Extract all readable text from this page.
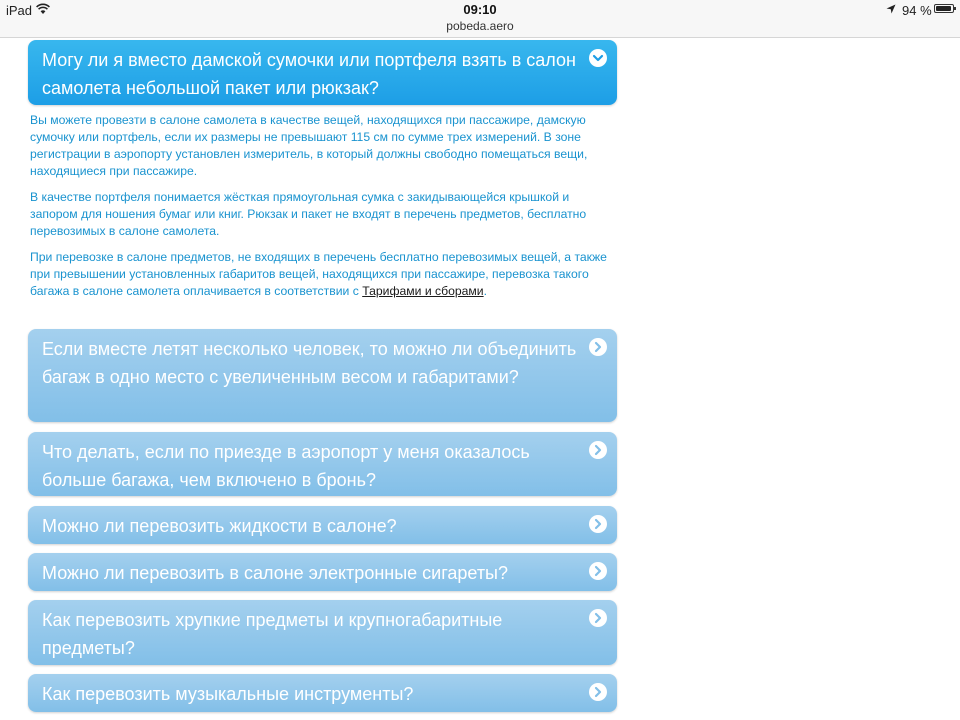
iPad	09:10
pobeda.aero
94 %
Могу ли я вместо дамской сумочки или портфеля взять в салон самолета небольшой пакет или рюкзак?

Вы можете провезти в салоне самолета в качестве вещей, находящихся при пассажире, дамскую сумочку или портфель, если их размеры не превышают 115 см по сумме трех измерений. В зоне регистрации в аэропорту установлен измеритель, в который должны свободно помещаться вещи, находящиеся при пассажире.

В качестве портфеля понимается жёсткая прямоугольная сумка с закидывающейся крышкой и запором для ношения бумаг или книг. Рюкзак и пакет не входят в перечень предметов, бесплатно перевозимых в салоне самолета.

При перевозке в салоне предметов, не входящих в перечень бесплатно перевозимых вещей, а также при превышении установленных габаритов вещей, находящихся при пассажире, перевозка такого багажа в салоне самолета оплачивается в соответствии с Тарифами и сборами.

Если вместе летят несколько человек, то можно ли объединить багаж в одно место с увеличенным весом и габаритами?
Что делать, если по приезде в аэропорт у меня оказалось больше багажа, чем включено в бронь?
Можно ли перевозить жидкости в салоне?
Можно ли перевозить в салоне электронные сигареты?
Как перевозить хрупкие предметы и крупногабаритные предметы?
Как перевозить музыкальные инструменты?
